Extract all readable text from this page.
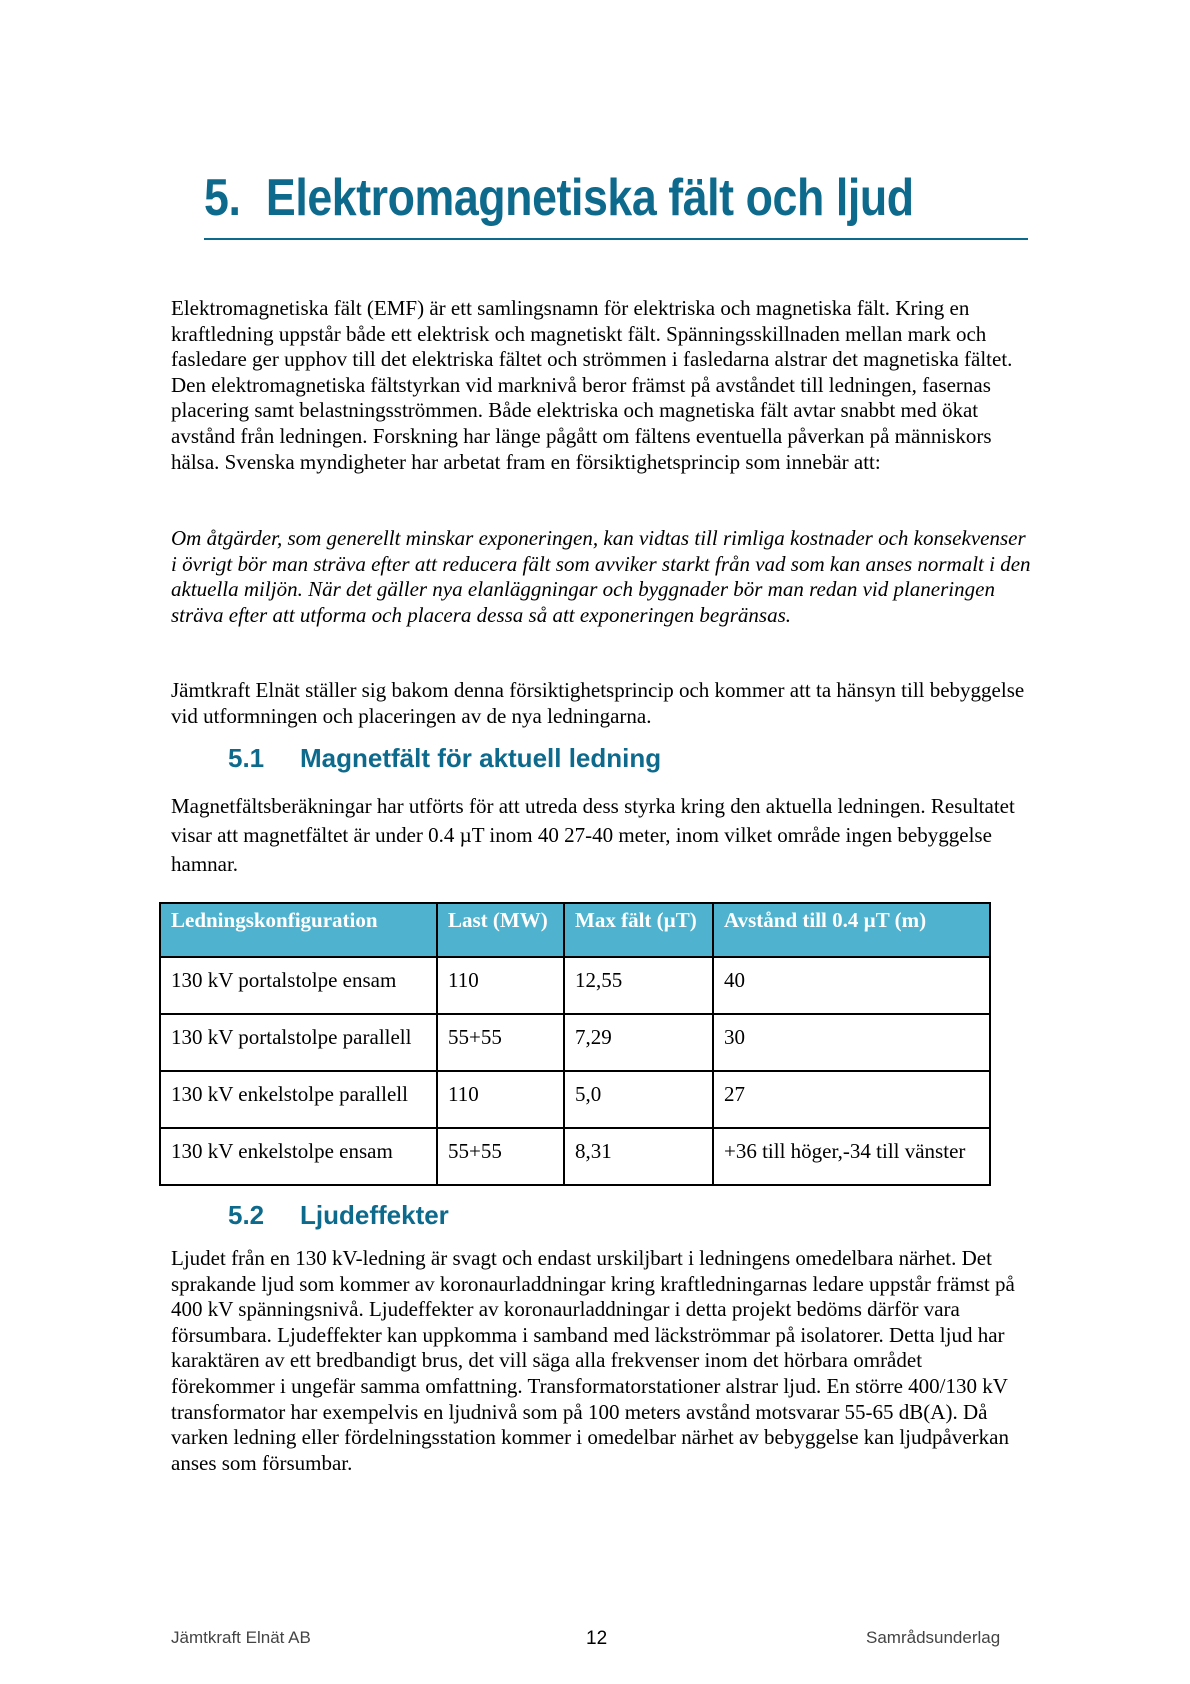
5. Elektromagnetiska fält och ljud

Elektromagnetiska fält (EMF) är ett samlingsnamn för elektriska och magnetiska fält. Kring en kraftledning uppstår både ett elektrisk och magnetiskt fält. Spänningsskillnaden mellan mark och fasledare ger upphov till det elektriska fältet och strömmen i fasledarna alstrar det magnetiska fältet. Den elektromagnetiska fältstyrkan vid marknivå beror främst på avståndet till ledningen, fasernas placering samt belastningsströmmen. Både elektriska och magnetiska fält avtar snabbt med ökat avstånd från ledningen. Forskning har länge pågått om fältens eventuella påverkan på människors hälsa. Svenska myndigheter har arbetat fram en försiktighetsprincip som innebär att:

Om åtgärder, som generellt minskar exponeringen, kan vidtas till rimliga kostnader och konsekvenser i övrigt bör man sträva efter att reducera fält som avviker starkt från vad som kan anses normalt i den aktuella miljön. När det gäller nya elanläggningar och byggnader bör man redan vid planeringen sträva efter att utforma och placera dessa så att exponeringen begränsas.

Jämtkraft Elnät ställer sig bakom denna försiktighetsprincip och kommer att ta hänsyn till bebyggelse vid utformningen och placeringen av de nya ledningarna.

5.1 Magnetfält för aktuell ledning

Magnetfältsberäkningar har utförts för att utreda dess styrka kring den aktuella ledningen. Resultatet visar att magnetfältet är under 0.4 µT inom 40 27-40 meter, inom vilket område ingen bebyggelse hamnar.

Ledningskonfiguration	Last (MW)	Max fält (µT)	Avstånd till 0.4 µT (m)
130 kV portalstolpe ensam	110	12,55	40
130 kV portalstolpe parallell	55+55	7,29	30
130 kV enkelstolpe parallell	110	5,0	27
130 kV enkelstolpe ensam	55+55	8,31	+36 till höger,-34 till vänster
5.2 Ljudeffekter

Ljudet från en 130 kV-ledning är svagt och endast urskiljbart i ledningens omedelbara närhet. Det sprakande ljud som kommer av koronaurladdningar kring kraftledningarnas ledare uppstår främst på 400 kV spänningsnivå. Ljudeffekter av koronaurladdningar i detta projekt bedöms därför vara försumbara. Ljudeffekter kan uppkomma i samband med läckströmmar på isolatorer. Detta ljud har karaktären av ett bredbandigt brus, det vill säga alla frekvenser inom det hörbara området förekommer i ungefär samma omfattning. Transformatorstationer alstrar ljud. En större 400/130 kV transformator har exempelvis en ljudnivå som på 100 meters avstånd motsvarar 55-65 dB(A). Då varken ledning eller fördelningsstation kommer i omedelbar närhet av bebyggelse kan ljudpåverkan anses som försumbar.

Jämtkraft Elnät AB	12	Samrådsunderlag
